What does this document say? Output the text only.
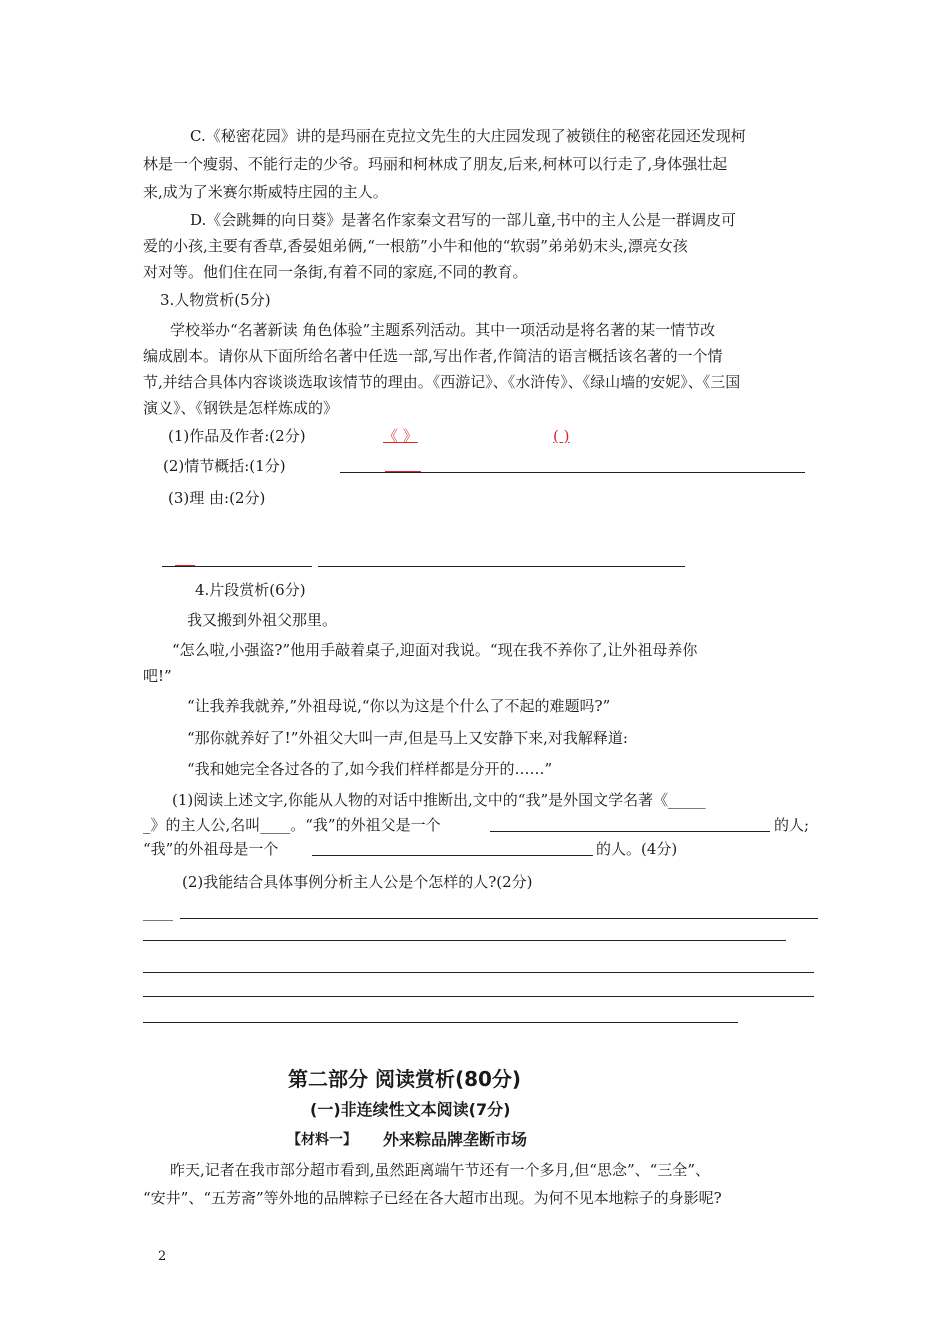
C.《秘密花园》讲的是玛丽在克拉文先生的大庄园发现了被锁住的秘密花园还发现柯
林是一个瘦弱、不能行走的少爷。玛丽和柯林成了朋友,后来,柯林可以行走了,身体强壮起
来,成为了米赛尔斯威特庄园的主人。
D.《会跳舞的向日葵》是著名作家秦文君写的一部儿童,书中的主人公是一群调皮可
爱的小孩,主要有香草,香晏姐弟俩,“一根筋”小牛和他的“软弱”弟弟奶末头,漂亮女孩
对对等。他们住在同一条街,有着不同的家庭,不同的教育。
3.人物赏析(5分)
学校举办“名著新读 角色体验”主题系列活动。其中一项活动是将名著的某一情节改
编成剧本。请你从下面所给名著中任选一部,写出作者,作简洁的语言概括该名著的一个情
节,并结合具体内容谈谈选取该情节的理由。《西游记》、《水浒传》、《绿山墙的安妮》、《三国
演义》、《钢铁是怎样炼成的》
(1)作品及作者:(2分)	《 》	( )
(2)情节概括:(1分)
(3)理 由:(2分)
4.片段赏析(6分)
我又搬到外祖父那里。
“怎么啦,小强盗?”他用手敲着桌子,迎面对我说。“现在我不养你了,让外祖母养你
吧!”
“让我养我就养,”外祖母说,“你以为这是个什么了不起的难题吗?”
“那你就养好了!”外祖父大叫一声,但是马上又安静下来,对我解释道:
“我和她完全各过各的了,如今我们样样都是分开的……”
(1)阅读上述文字,你能从人物的对话中推断出,文中的“我”是外国文学名著《_____
_》的主人公,名叫____。“我”的外祖父是一个	的人;
“我”的外祖母是一个	的人。(4分)
(2)我能结合具体事例分析主人公是个怎样的人?(2分)
____
第二部分 阅读赏析(80分)
(一)非连续性文本阅读(7分)
【材料一】 外来粽品牌垄断市场
昨天,记者在我市部分超市看到,虽然距离端午节还有一个多月,但“思念”、“三全”、
“安井”、“五芳斋”等外地的品牌粽子已经在各大超市出现。为何不见本地粽子的身影呢?
2
